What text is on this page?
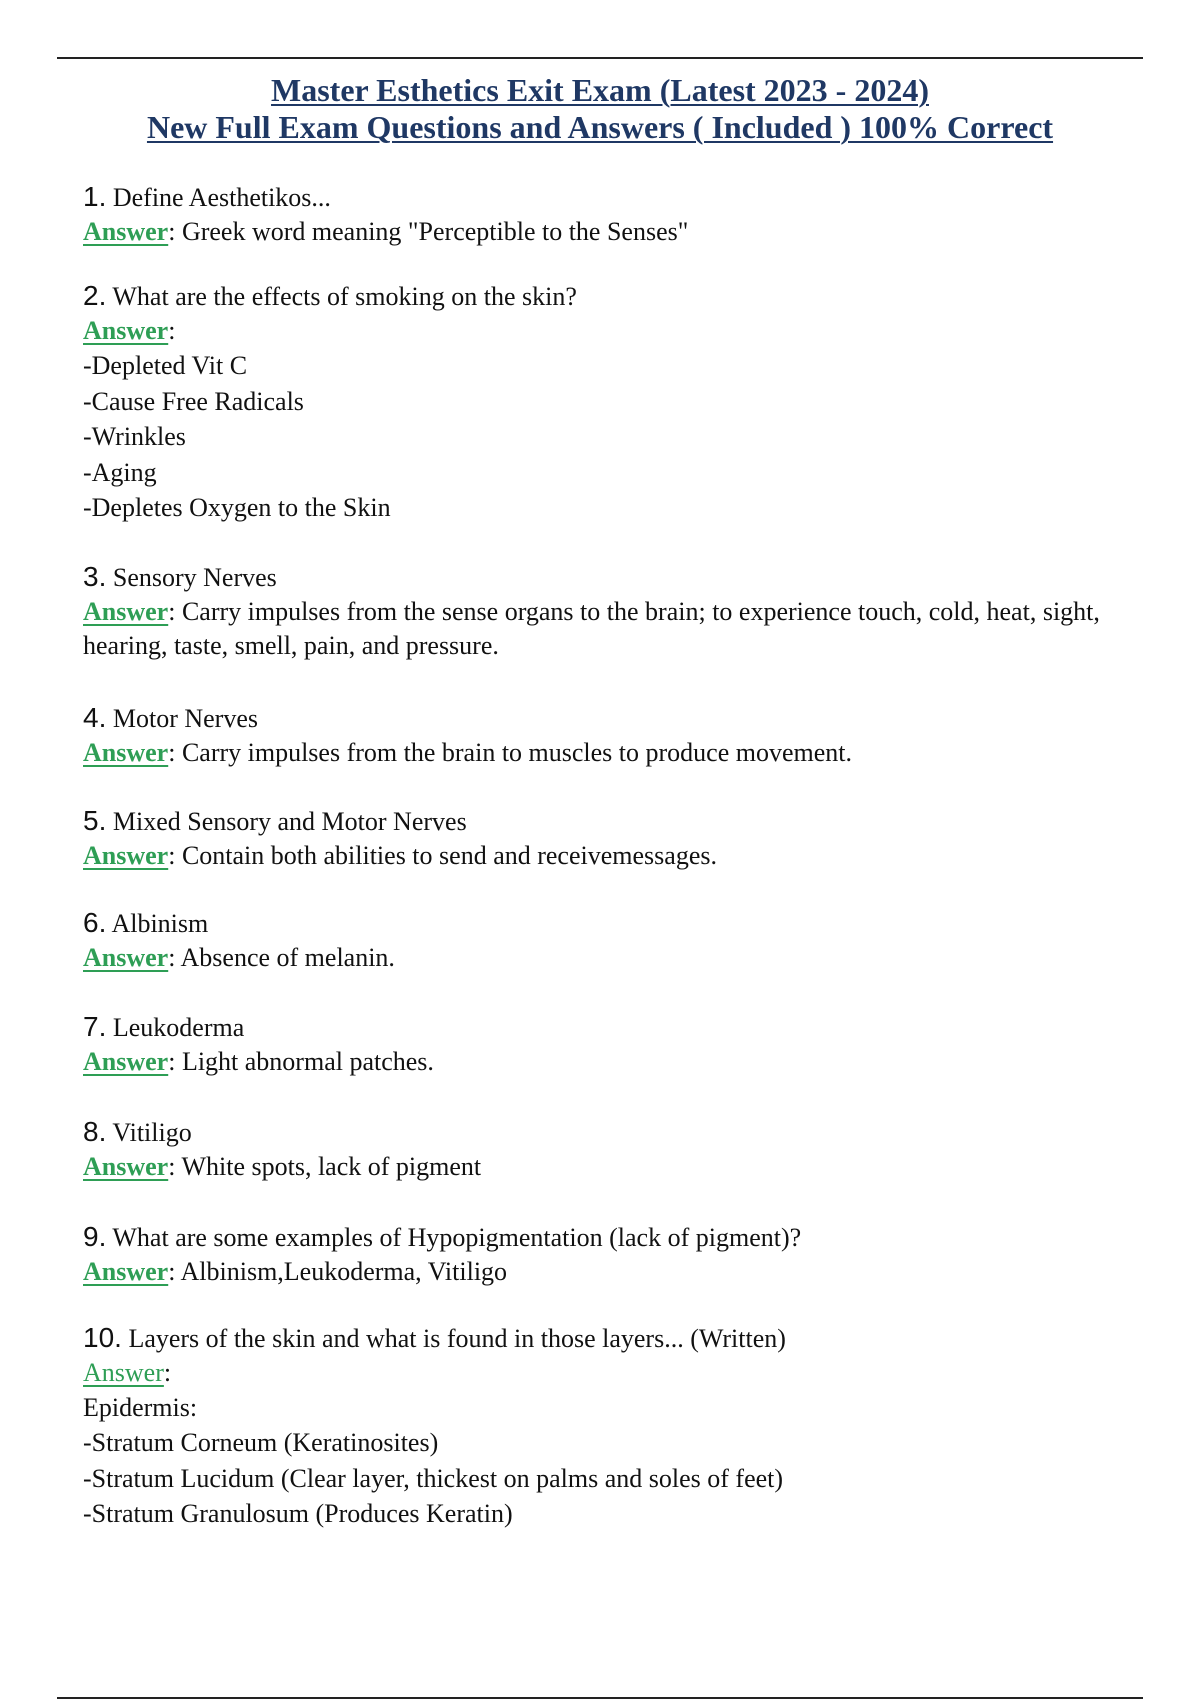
Master Esthetics Exit Exam (Latest 2023 - 2024)
New Full Exam Questions and Answers ( Included ) 100% Correct

1. Define Aesthetikos...

Answer: Greek word meaning "Perceptible to the Senses"

2. What are the effects of smoking on the skin?

Answer:

-Depleted Vit C

-Cause Free Radicals

-Wrinkles

-Aging

-Depletes Oxygen to the Skin

3. Sensory Nerves

Answer: Carry impulses from the sense organs to the brain; to experience touch, cold, heat, sight, hearing, taste, smell, pain, and pressure.

4. Motor Nerves

Answer: Carry impulses from the brain to muscles to produce movement.

5. Mixed Sensory and Motor Nerves

Answer: Contain both abilities to send and receivemessages.

6. Albinism

Answer: Absence of melanin.

7. Leukoderma

Answer: Light abnormal patches.

8. Vitiligo

Answer: White spots, lack of pigment

9. What are some examples of Hypopigmentation (lack of pigment)?

Answer: Albinism,Leukoderma, Vitiligo

10. Layers of the skin and what is found in those layers... (Written)

Answer:

Epidermis:

-Stratum Corneum (Keratinosites)

-Stratum Lucidum (Clear layer, thickest on palms and soles of feet)

-Stratum Granulosum (Produces Keratin)
